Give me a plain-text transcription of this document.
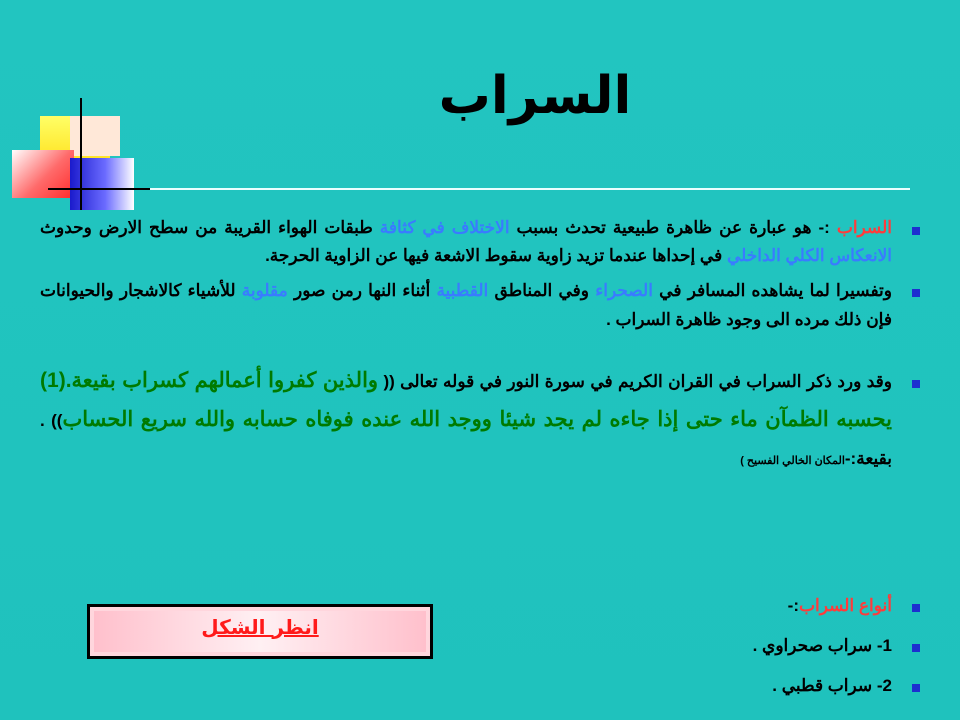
السراب

السراب :- هو عبارة عن ظاهرة طبيعية تحدث بسبب الاختلاف في كثافة طبقات الهواء القريبة من سطح الارض وحدوث الانعكاس الكلي الداخلي في إحداها عندما تزيد زاوية سقوط الاشعة فيها عن الزاوية الحرجة.

وتفسيرا لما يشاهده المسافر في الصحراء وفي المناطق القطبية أثناء النها رمن صور مقلوبة للأشياء كالاشجار والحيوانات فإن ذلك مرده الى وجود ظاهرة السراب .

وقد ورد ذكر السراب في القران الكريم في سورة النور في قوله تعالى (( والذين كفروا أعمالهم كسراب بقيعة.(1) يحسبه الظمآن ماء حتى إذا جاءه لم يجد شيئا ووجد الله عنده فوفاه حسابه والله سريع الحساب)) . بقيعة:-المكان الخالي الفسيح )

أنواع السراب:-
1- سراب صحراوي .
2- سراب قطبي .
انظر الشكل
